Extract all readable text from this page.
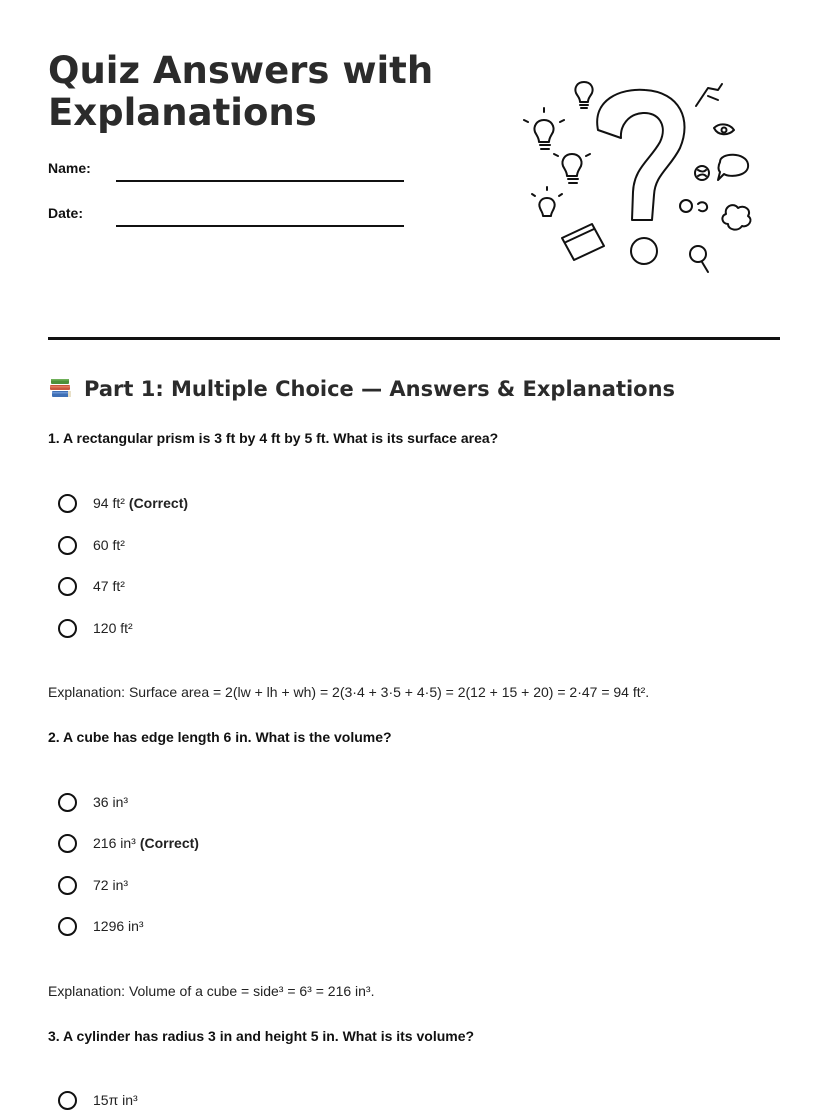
Quiz Answers with Explanations
Name:
Date:
Part 1: Multiple Choice — Answers & Explanations
1. A rectangular prism is 3 ft by 4 ft by 5 ft. What is its surface area?
94 ft² (Correct)
60 ft²
47 ft²
120 ft²
Explanation: Surface area = 2(lw + lh + wh) = 2(3·4 + 3·5 + 4·5) = 2(12 + 15 + 20) = 2·47 = 94 ft².
2. A cube has edge length 6 in. What is the volume?
36 in³
216 in³ (Correct)
72 in³
1296 in³
Explanation: Volume of a cube = side³ = 6³ = 216 in³.
3. A cylinder has radius 3 in and height 5 in. What is its volume?
15π in³
